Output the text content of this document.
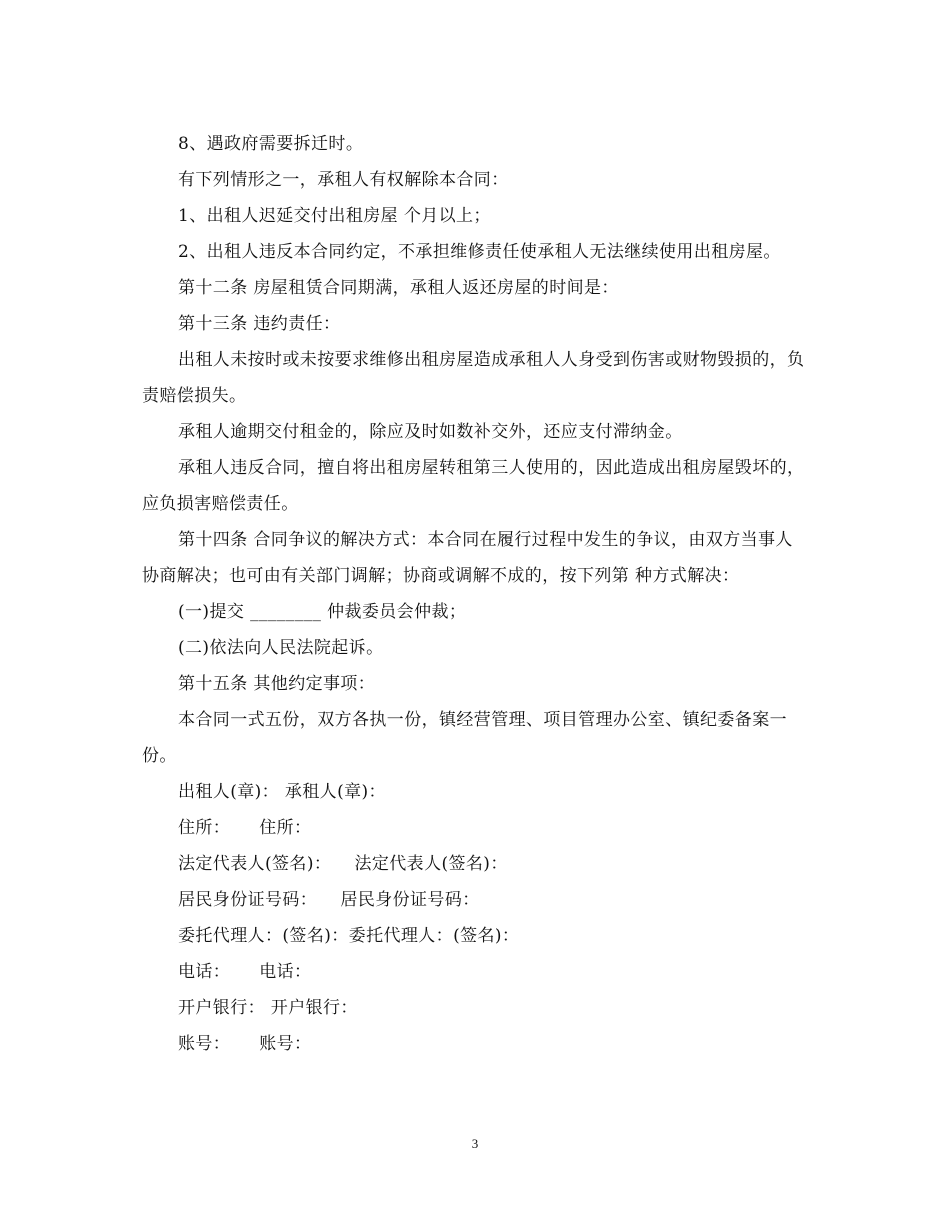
8、遇政府需要拆迁时。

有下列情形之一，承租人有权解除本合同：

1、出租人迟延交付出租房屋 个月以上；

2、出租人违反本合同约定，不承担维修责任使承租人无法继续使用出租房屋。

第十二条 房屋租赁合同期满，承租人返还房屋的时间是：

第十三条 违约责任：

出租人未按时或未按要求维修出租房屋造成承租人人身受到伤害或财物毁损的，负责赔偿损失。

承租人逾期交付租金的，除应及时如数补交外，还应支付滞纳金。

承租人违反合同，擅自将出租房屋转租第三人使用的，因此造成出租房屋毁坏的，应负损害赔偿责任。

第十四条 合同争议的解决方式：本合同在履行过程中发生的争议，由双方当事人协商解决；也可由有关部门调解；协商或调解不成的，按下列第 种方式解决：

(一)提交 ________ 仲裁委员会仲裁；

(二)依法向人民法院起诉。

第十五条 其他约定事项：

本合同一式五份，双方各执一份，镇经营管理、项目管理办公室、镇纪委备案一份。

出租人(章)： 承租人(章)：

住所：     住所：

法定代表人(签名)：    法定代表人(签名)：

居民身份证号码：    居民身份证号码：

委托代理人：(签名)：委托代理人：(签名)：

电话：     电话：

开户银行： 开户银行：

账号：     账号：

3
